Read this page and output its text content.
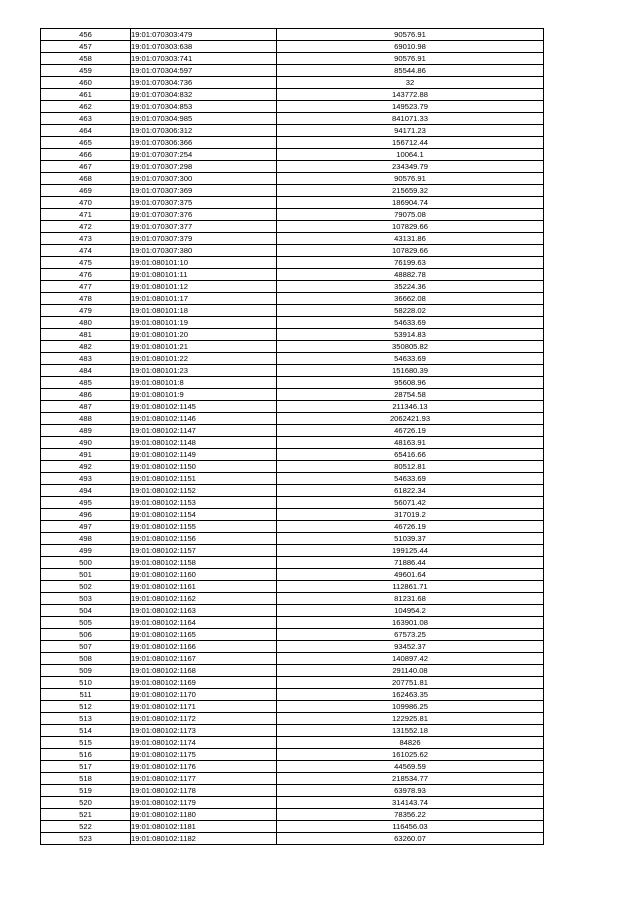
456	19:01:070303:479	90576.91
457	19:01:070303:638	69010.98
458	19:01:070303:741	90576.91
459	19:01:070304:597	85544.86
460	19:01:070304:736	32
461	19:01:070304:832	143772.88
462	19:01:070304:853	149523.79
463	19:01:070304:985	841071.33
464	19:01:070306:312	94171.23
465	19:01:070306:366	156712.44
466	19:01:070307:254	10064.1
467	19:01:070307:298	234349.79
468	19:01:070307:300	90576.91
469	19:01:070307:369	215659.32
470	19:01:070307:375	186904.74
471	19:01:070307:376	79075.08
472	19:01:070307:377	107829.66
473	19:01:070307:379	43131.86
474	19:01:070307:380	107829.66
475	19:01:080101:10	76199.63
476	19:01:080101:11	48882.78
477	19:01:080101:12	35224.36
478	19:01:080101:17	36662.08
479	19:01:080101:18	58228.02
480	19:01:080101:19	54633.69
481	19:01:080101:20	53914.83
482	19:01:080101:21	350805.82
483	19:01:080101:22	54633.69
484	19:01:080101:23	151680.39
485	19:01:080101:8	95608.96
486	19:01:080101:9	28754.58
487	19:01:080102:1145	211346.13
488	19:01:080102:1146	2062421.93
489	19:01:080102:1147	46726.19
490	19:01:080102:1148	48163.91
491	19:01:080102:1149	65416.66
492	19:01:080102:1150	80512.81
493	19:01:080102:1151	54633.69
494	19:01:080102:1152	61822.34
495	19:01:080102:1153	56071.42
496	19:01:080102:1154	317019.2
497	19:01:080102:1155	46726.19
498	19:01:080102:1156	51039.37
499	19:01:080102:1157	199125.44
500	19:01:080102:1158	71886.44
501	19:01:080102:1160	49601.64
502	19:01:080102:1161	112861.71
503	19:01:080102:1162	81231.68
504	19:01:080102:1163	104954.2
505	19:01:080102:1164	163901.08
506	19:01:080102:1165	67573.25
507	19:01:080102:1166	93452.37
508	19:01:080102:1167	140897.42
509	19:01:080102:1168	291140.08
510	19:01:080102:1169	207751.81
511	19:01:080102:1170	162463.35
512	19:01:080102:1171	109986.25
513	19:01:080102:1172	122925.81
514	19:01:080102:1173	131552.18
515	19:01:080102:1174	84826
516	19:01:080102:1175	161025.62
517	19:01:080102:1176	44569.59
518	19:01:080102:1177	218534.77
519	19:01:080102:1178	63978.93
520	19:01:080102:1179	314143.74
521	19:01:080102:1180	78356.22
522	19:01:080102:1181	116456.03
523	19:01:080102:1182	63260.07
